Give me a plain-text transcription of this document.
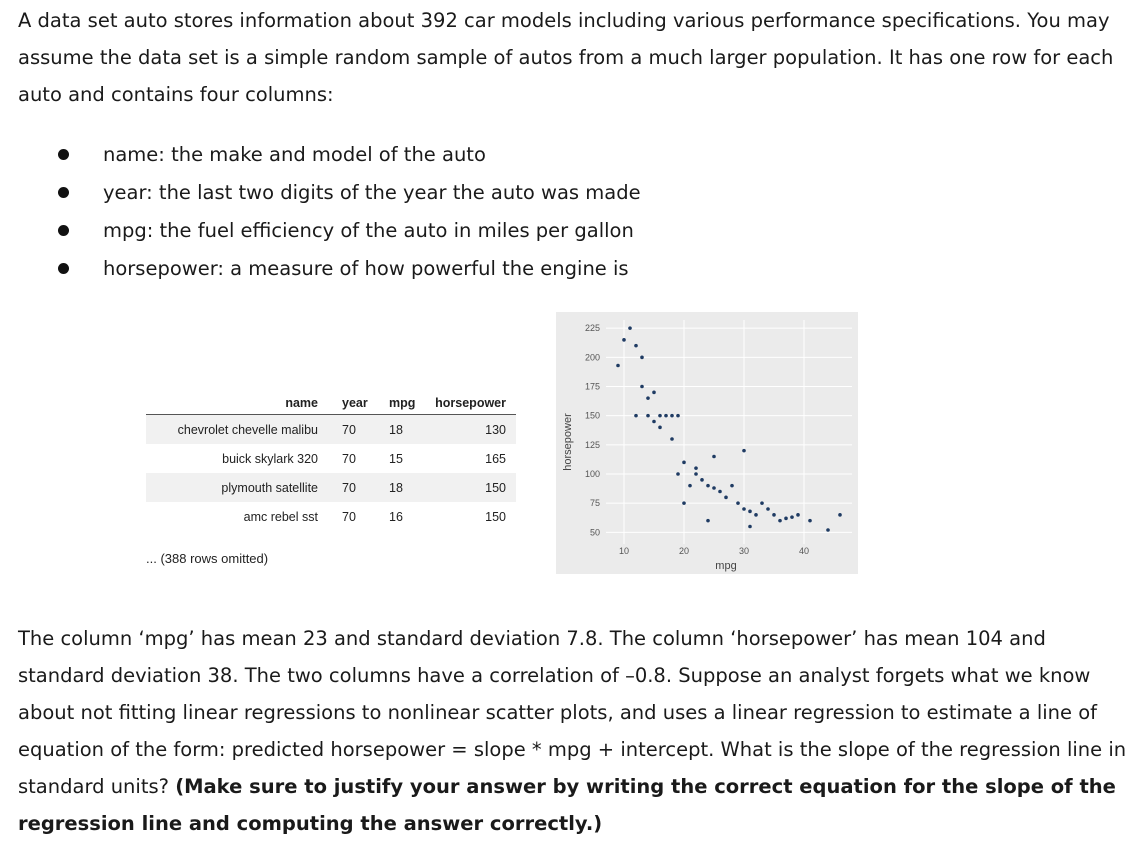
A data set auto stores information about 392 car models including various performance specifications. You may assume the data set is a simple random sample of autos from a much larger population. It has one row for each auto and contains four columns:

name: the make and model of the auto
year: the last two digits of the year the auto was made
mpg: the fuel efficiency of the auto in miles per gallon
horsepower: a measure of how powerful the engine is
name year mpg horsepower
chevrolet chevelle malibu 70	18	130
buick skylark 320 70	15	165
plymouth satellite 70	18	150
amc rebel sst 70	16	150
... (388 rows omitted)	10	20	30	40
50
75
100
125
150
175
200
225
mpg
horsepower

The column ‘mpg’ has mean 23 and standard deviation 7.8. The column ‘horsepower’ has mean 104 and standard deviation 38. The two columns have a correlation of –0.8. Suppose an analyst forgets what we know about not fitting linear regressions to nonlinear scatter plots, and uses a linear regression to estimate a line of equation of the form: predicted horsepower = slope * mpg + intercept. What is the slope of the regression line in standard units? (Make sure to justify your answer by writing the correct equation for the slope of the regression line and computing the answer correctly.)
